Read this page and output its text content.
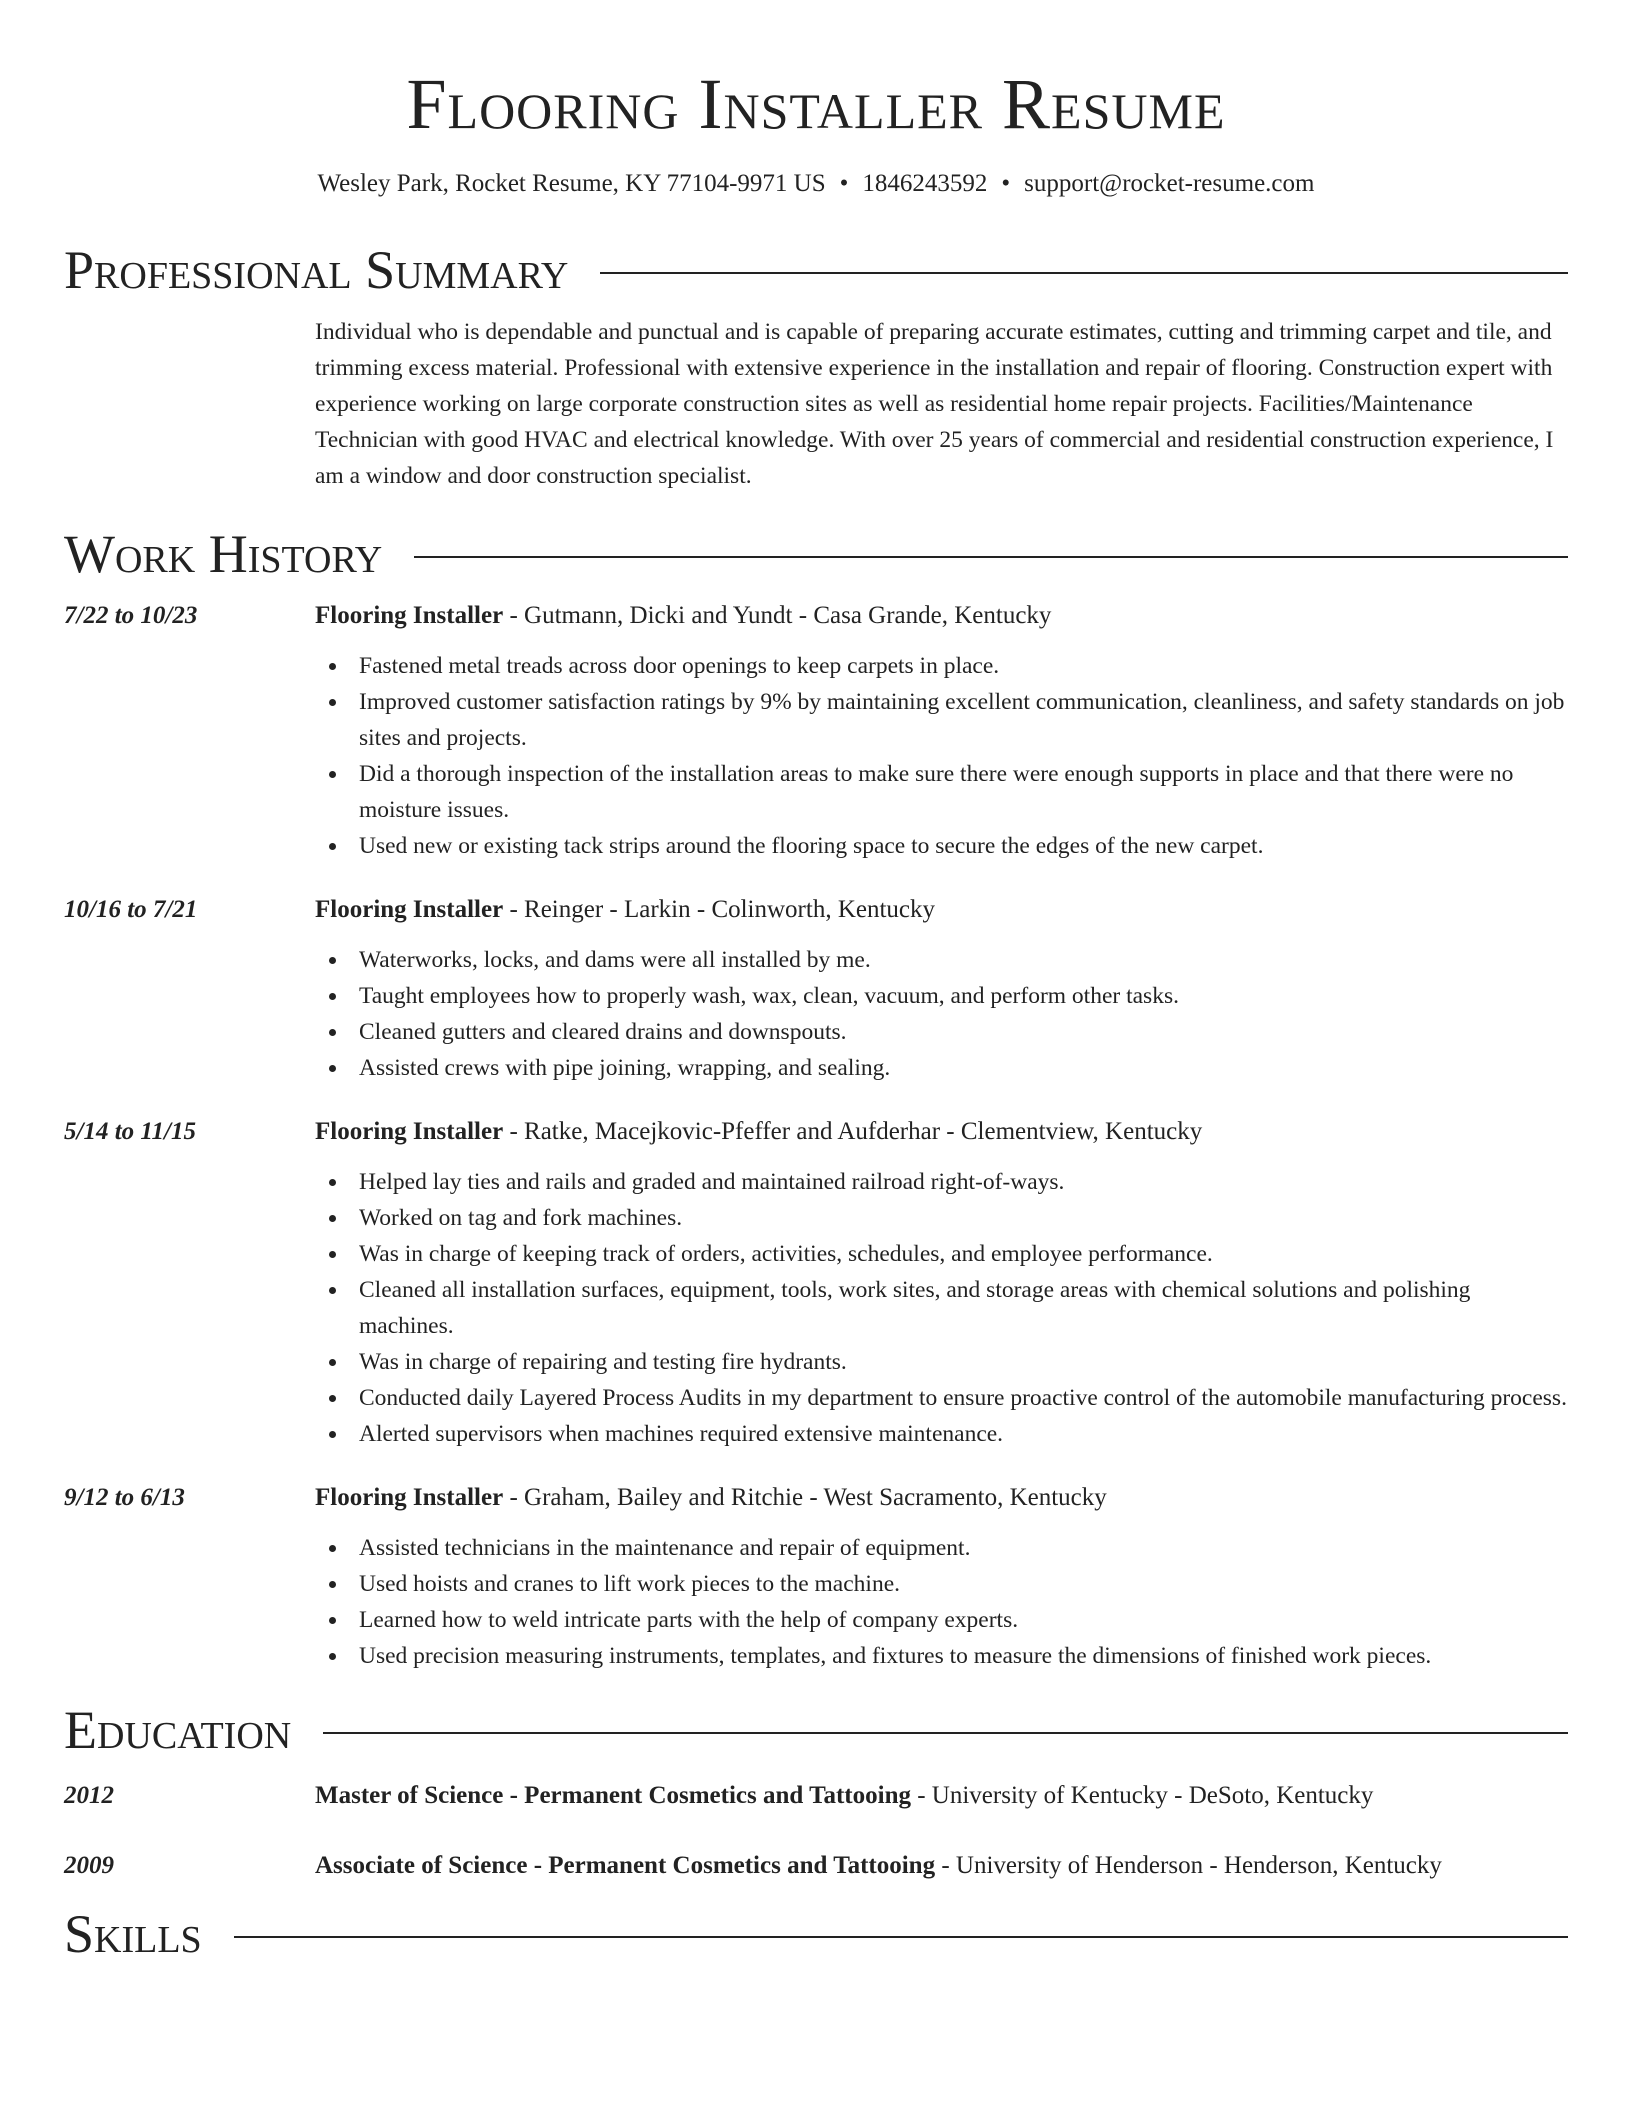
Flooring Installer Resume
Wesley Park, Rocket Resume, KY 77104-9971 US • 1846243592 • support@rocket-resume.com
Professional Summary
Individual who is dependable and punctual and is capable of preparing accurate estimates, cutting and trimming carpet and tile, and trimming excess material. Professional with extensive experience in the installation and repair of flooring. Construction expert with experience working on large corporate construction sites as well as residential home repair projects. Facilities/Maintenance Technician with good HVAC and electrical knowledge. With over 25 years of commercial and residential construction experience, I am a window and door construction specialist.
Work History
7/22 to 10/23	Flooring Installer - Gutmann, Dicki and Yundt - Casa Grande, Kentucky
Fastened metal treads across door openings to keep carpets in place.
Improved customer satisfaction ratings by 9% by maintaining excellent communication, cleanliness, and safety standards on job sites and projects.
Did a thorough inspection of the installation areas to make sure there were enough supports in place and that there were no moisture issues.
Used new or existing tack strips around the flooring space to secure the edges of the new carpet.
10/16 to 7/21	Flooring Installer - Reinger - Larkin - Colinworth, Kentucky
Waterworks, locks, and dams were all installed by me.
Taught employees how to properly wash, wax, clean, vacuum, and perform other tasks.
Cleaned gutters and cleared drains and downspouts.
Assisted crews with pipe joining, wrapping, and sealing.
5/14 to 11/15	Flooring Installer - Ratke, Macejkovic-Pfeffer and Aufderhar - Clementview, Kentucky
Helped lay ties and rails and graded and maintained railroad right-of-ways.
Worked on tag and fork machines.
Was in charge of keeping track of orders, activities, schedules, and employee performance.
Cleaned all installation surfaces, equipment, tools, work sites, and storage areas with chemical solutions and polishing machines.
Was in charge of repairing and testing fire hydrants.
Conducted daily Layered Process Audits in my department to ensure proactive control of the automobile manufacturing process.
Alerted supervisors when machines required extensive maintenance.
9/12 to 6/13	Flooring Installer - Graham, Bailey and Ritchie - West Sacramento, Kentucky
Assisted technicians in the maintenance and repair of equipment.
Used hoists and cranes to lift work pieces to the machine.
Learned how to weld intricate parts with the help of company experts.
Used precision measuring instruments, templates, and fixtures to measure the dimensions of finished work pieces.
Education
2012	Master of Science - Permanent Cosmetics and Tattooing - University of Kentucky - DeSoto, Kentucky
2009	Associate of Science - Permanent Cosmetics and Tattooing - University of Henderson - Henderson, Kentucky
Skills
